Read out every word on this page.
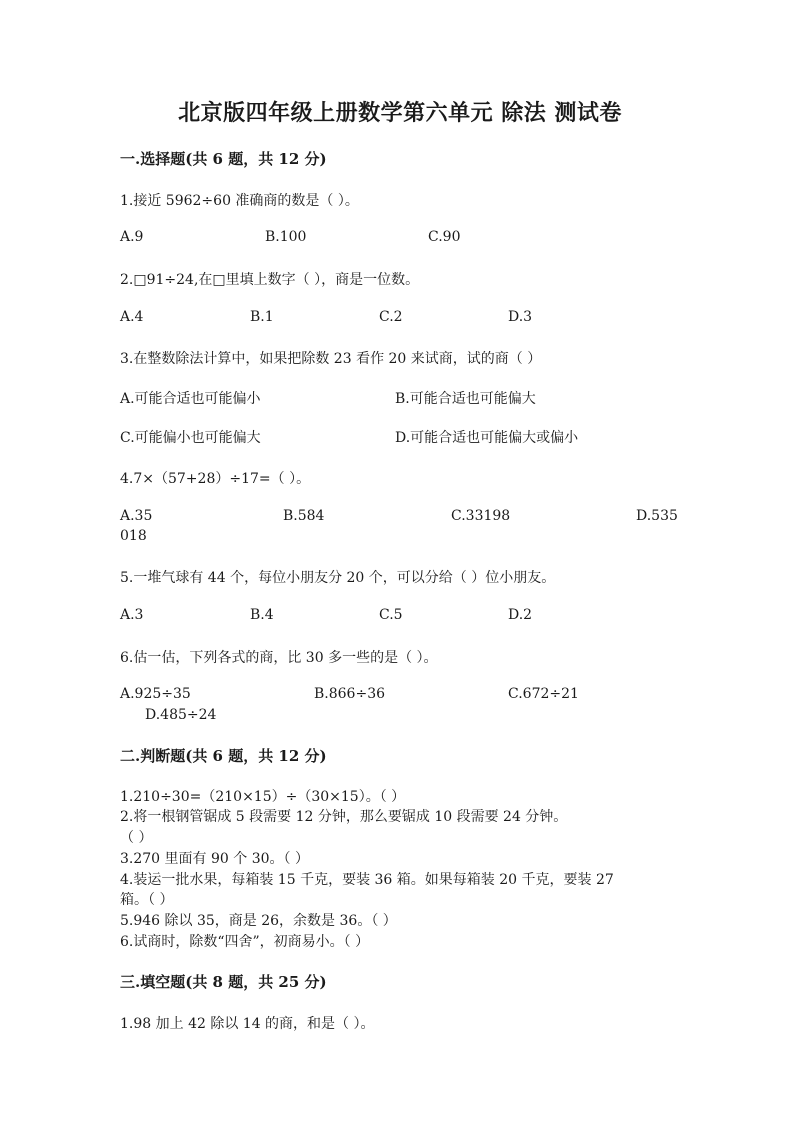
北京版四年级上册数学第六单元 除法 测试卷
一.选择题(共 6 题，共 12 分)
1.接近 5962÷60 准确商的数是（ ）。
A.9	B.100	C.90
2.□91÷24,在□里填上数字（ ），商是一位数。
A.4	B.1	C.2	D.3
3.在整数除法计算中，如果把除数 23 看作 20 来试商，试的商（ ）
A.可能合适也可能偏小	B.可能合适也可能偏大
C.可能偏小也可能偏大	D.可能合适也可能偏大或偏小
4.7×（57+28）÷17=（ ）。
A.35	B.584	C.33198	D.535
018
5.一堆气球有 44 个，每位小朋友分 20 个，可以分给（ ）位小朋友。
A.3	B.4	C.5	D.2
6.估一估，下列各式的商，比 30 多一些的是（ ）。
A.925÷35	B.866÷36	C.672÷21
D.485÷24
二.判断题(共 6 题，共 12 分)
1.210÷30=（210×15）÷（30×15）。（ ）
2.将一根钢管锯成 5 段需要 12 分钟，那么要锯成 10 段需要 24 分钟。
（ ）
3.270 里面有 90 个 30。（ ）
4.装运一批水果，每箱装 15 千克，要装 36 箱。如果每箱装 20 千克，要装 27
箱。（ ）
5.946 除以 35，商是 26，余数是 36。（ ）
6.试商时，除数“四舍”，初商易小。（ ）
三.填空题(共 8 题，共 25 分)
1.98 加上 42 除以 14 的商，和是（ ）。
